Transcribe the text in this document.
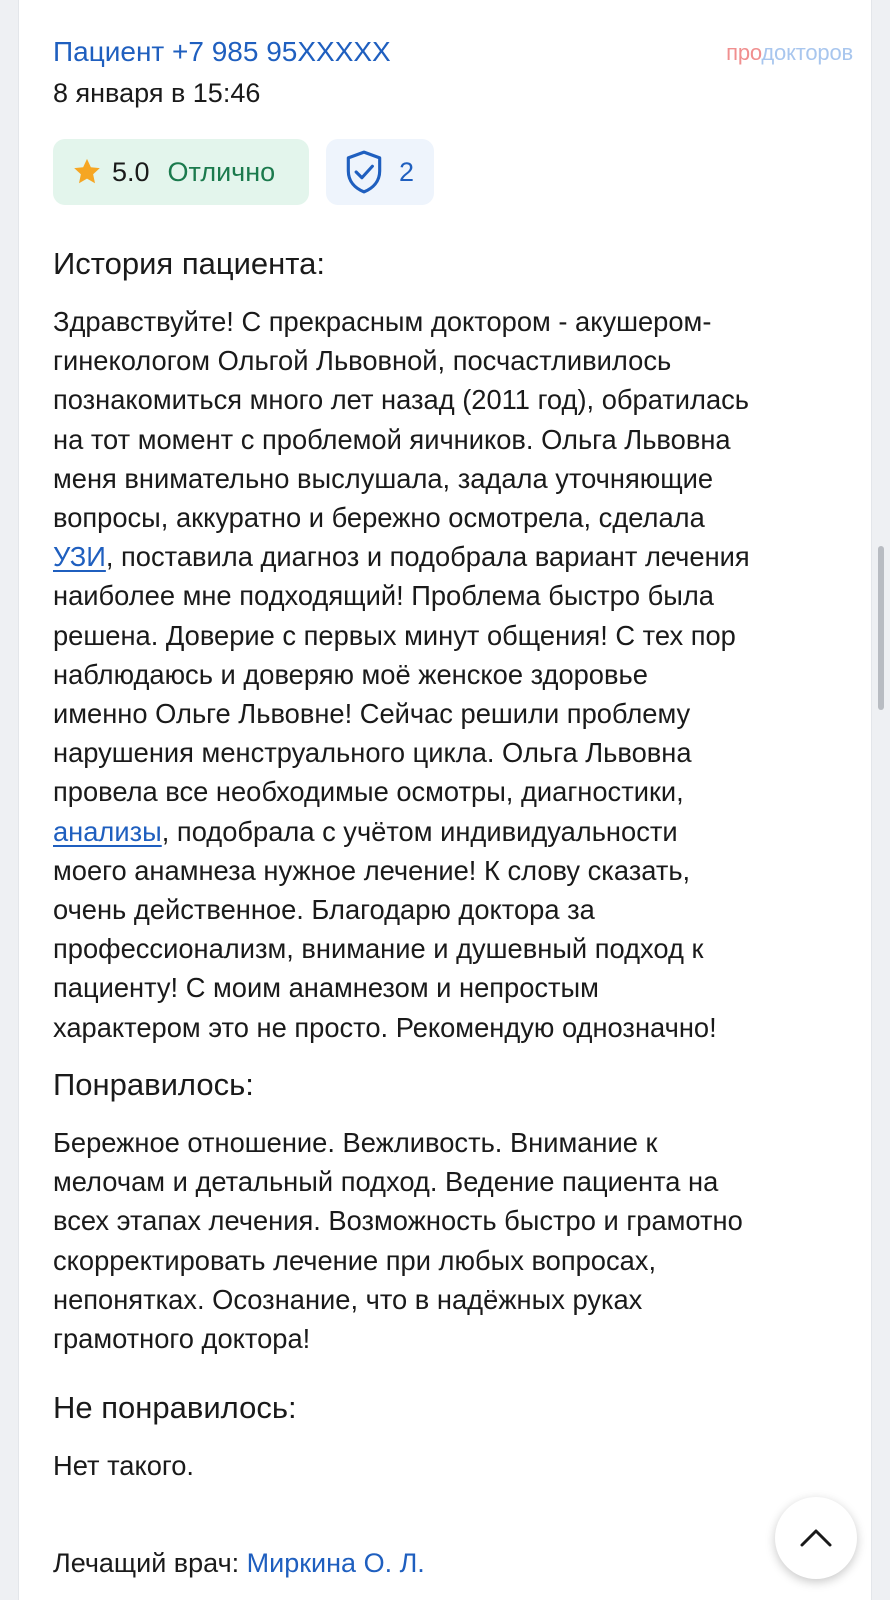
Пациент +7 985 95XXXXX
8 января в 15:46
продокторов
5.0 Отлично	2
История пациента:
Здравствуйте! С прекрасным доктором - акушером-
гинекологом Ольгой Львовной, посчастливилось
познакомиться много лет назад (2011 год), обратилась
на тот момент с проблемой яичников. Ольга Львовна
меня внимательно выслушала, задала уточняющие
вопросы, аккуратно и бережно осмотрела, сделала
УЗИ, поставила диагноз и подобрала вариант лечения
наиболее мне подходящий! Проблема быстро была
решена. Доверие с первых минут общения! С тех пор
наблюдаюсь и доверяю моё женское здоровье
именно Ольге Львовне! Сейчас решили проблему
нарушения менструального цикла. Ольга Львовна
провела все необходимые осмотры, диагностики,
анализы, подобрала с учётом индивидуальности
моего анамнеза нужное лечение! К слову сказать,
очень действенное. Благодарю доктора за
профессионализм, внимание и душевный подход к
пациенту! С моим анамнезом и непростым
характером это не просто. Рекомендую однозначно!
Понравилось:
Бережное отношение. Вежливость. Внимание к
мелочам и детальный подход. Ведение пациента на
всех этапах лечения. Возможность быстро и грамотно
скорректировать лечение при любых вопросах,
непонятках. Осознание, что в надёжных руках
грамотного доктора!
Не понравилось:
Нет такого.
Лечащий врач: Миркина О. Л.
